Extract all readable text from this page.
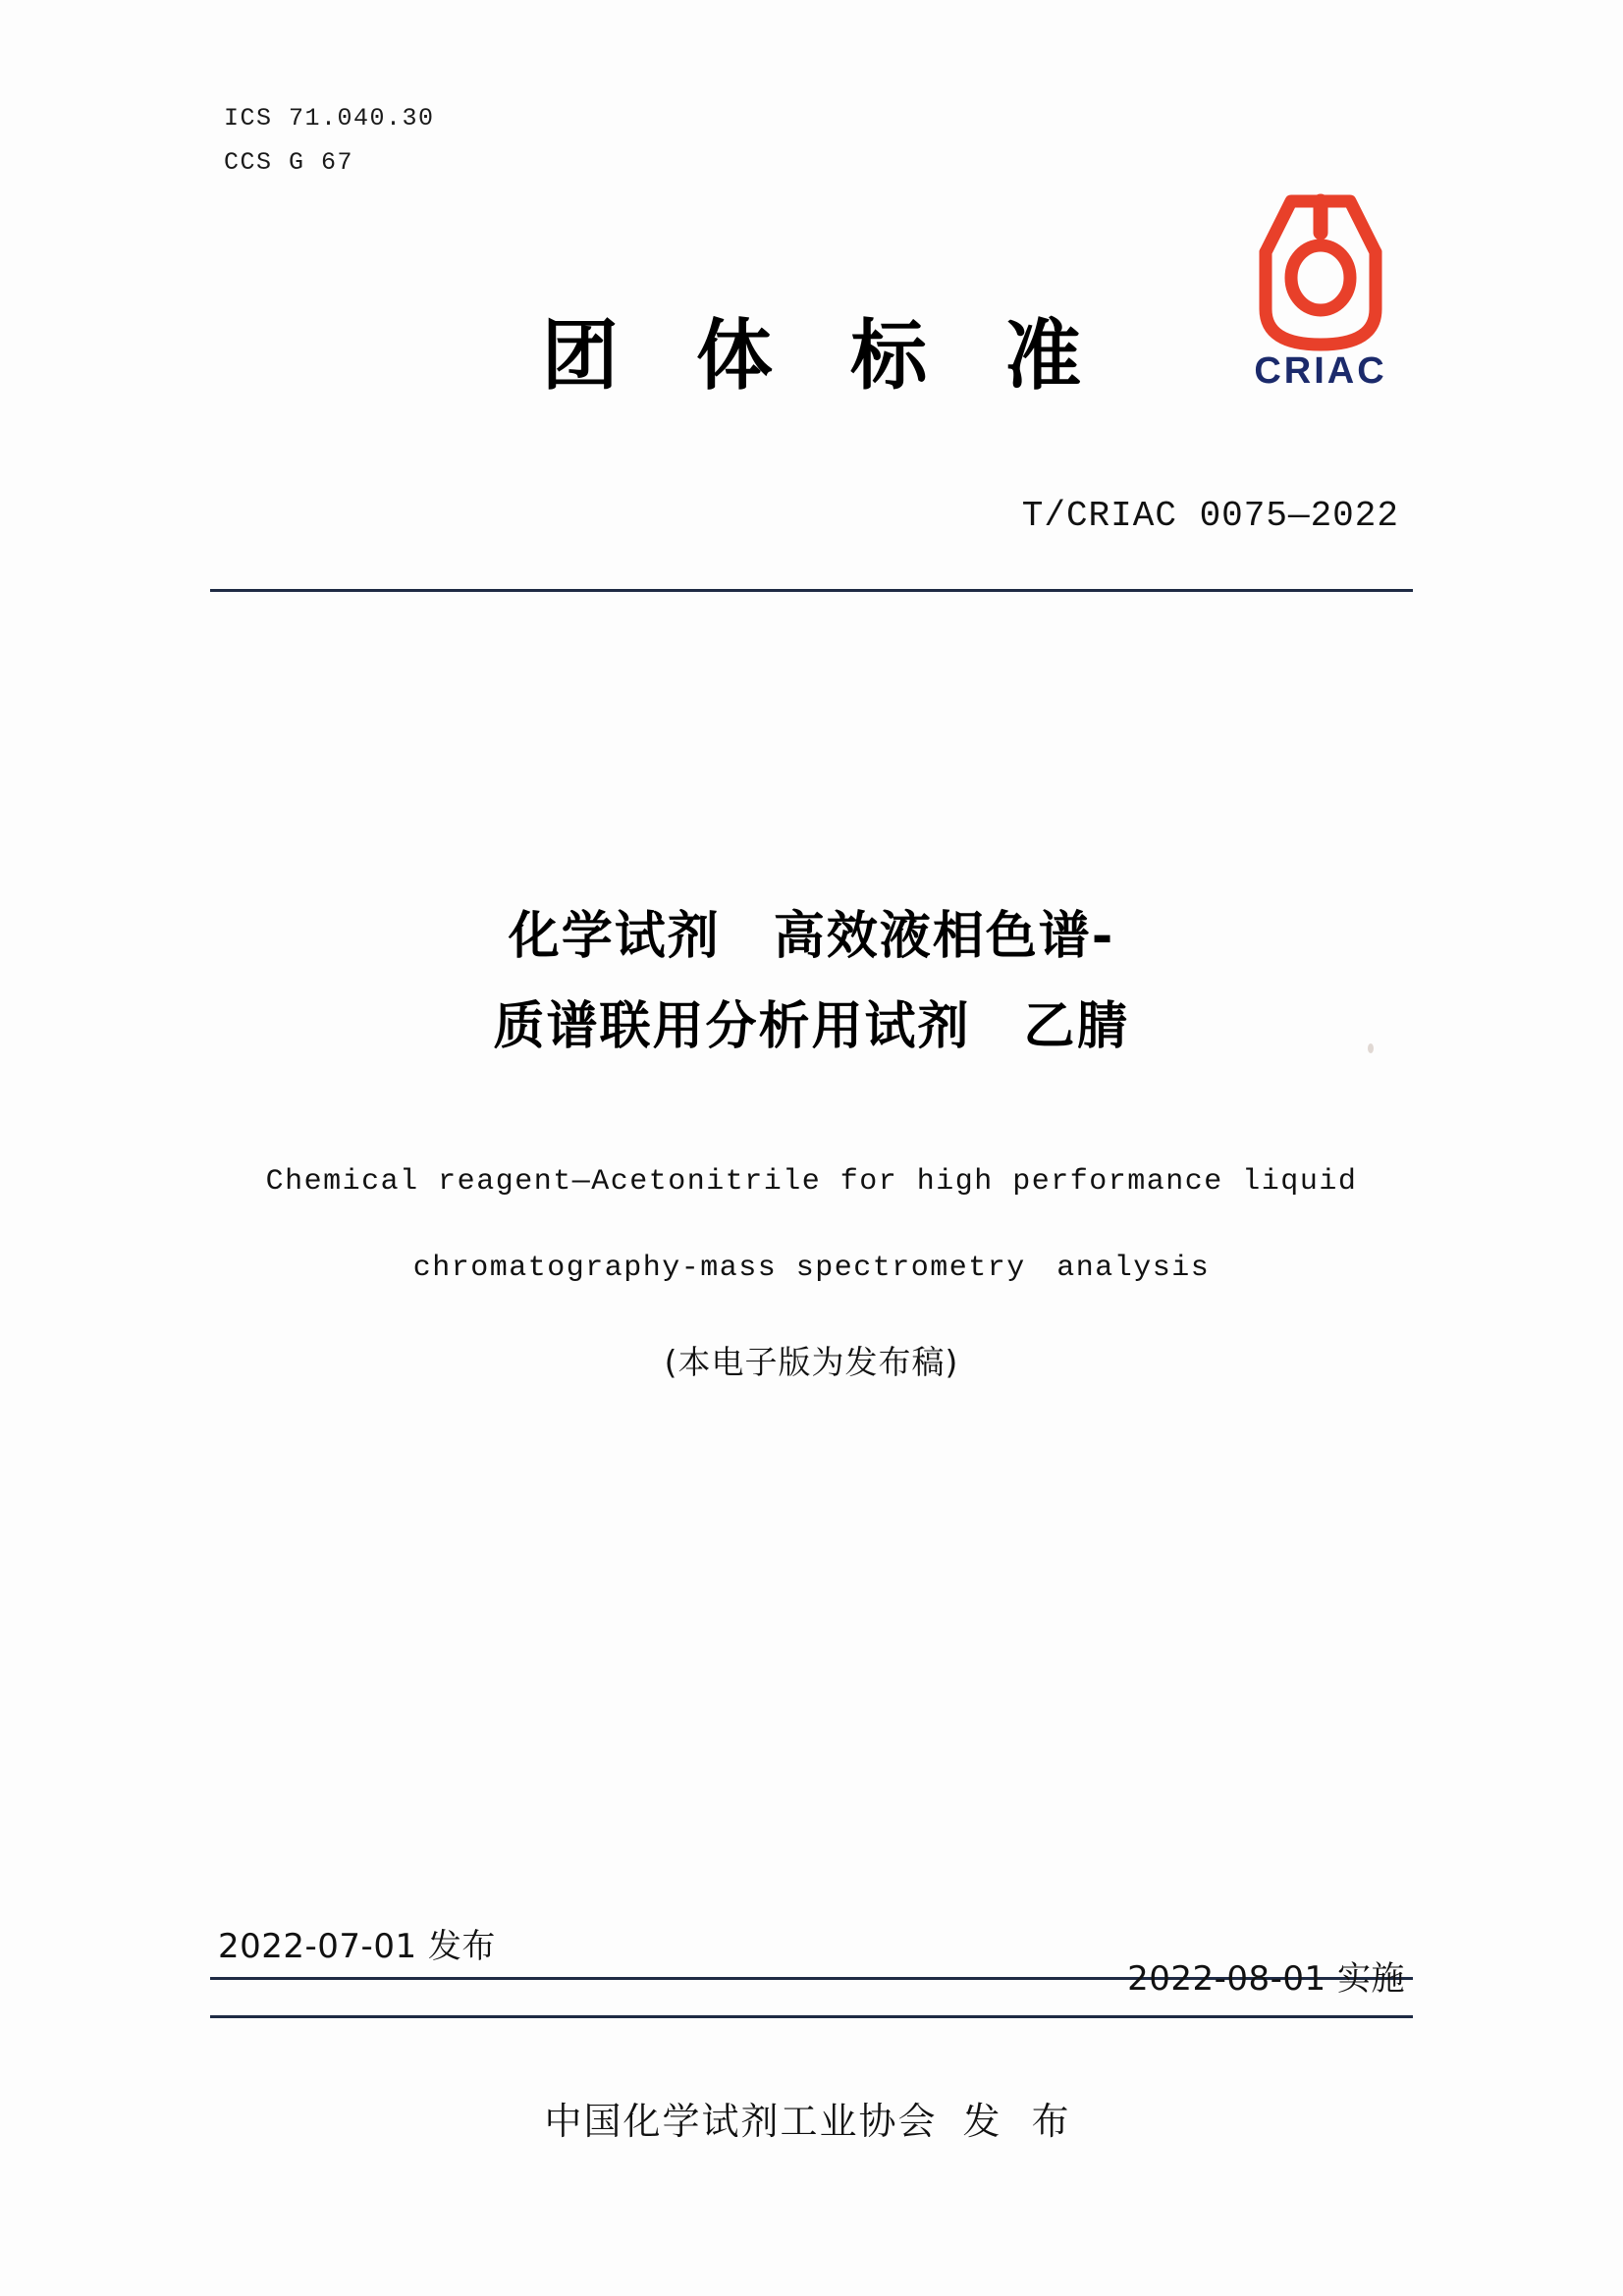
ICS 71.040.30
CCS G 67
CRIAC
团 体 标 准
T/CRIAC 0075—2022
化学试剂　高效液相色谱-
质谱联用分析用试剂　乙腈
Chemical reagent—Acetonitrile for high performance liquid
chromatography-mass spectrometry　analysis
(本电子版为发布稿)
2022-07-01 发布
2022-08-01 实施
中国化学试剂工业协会 发 布
